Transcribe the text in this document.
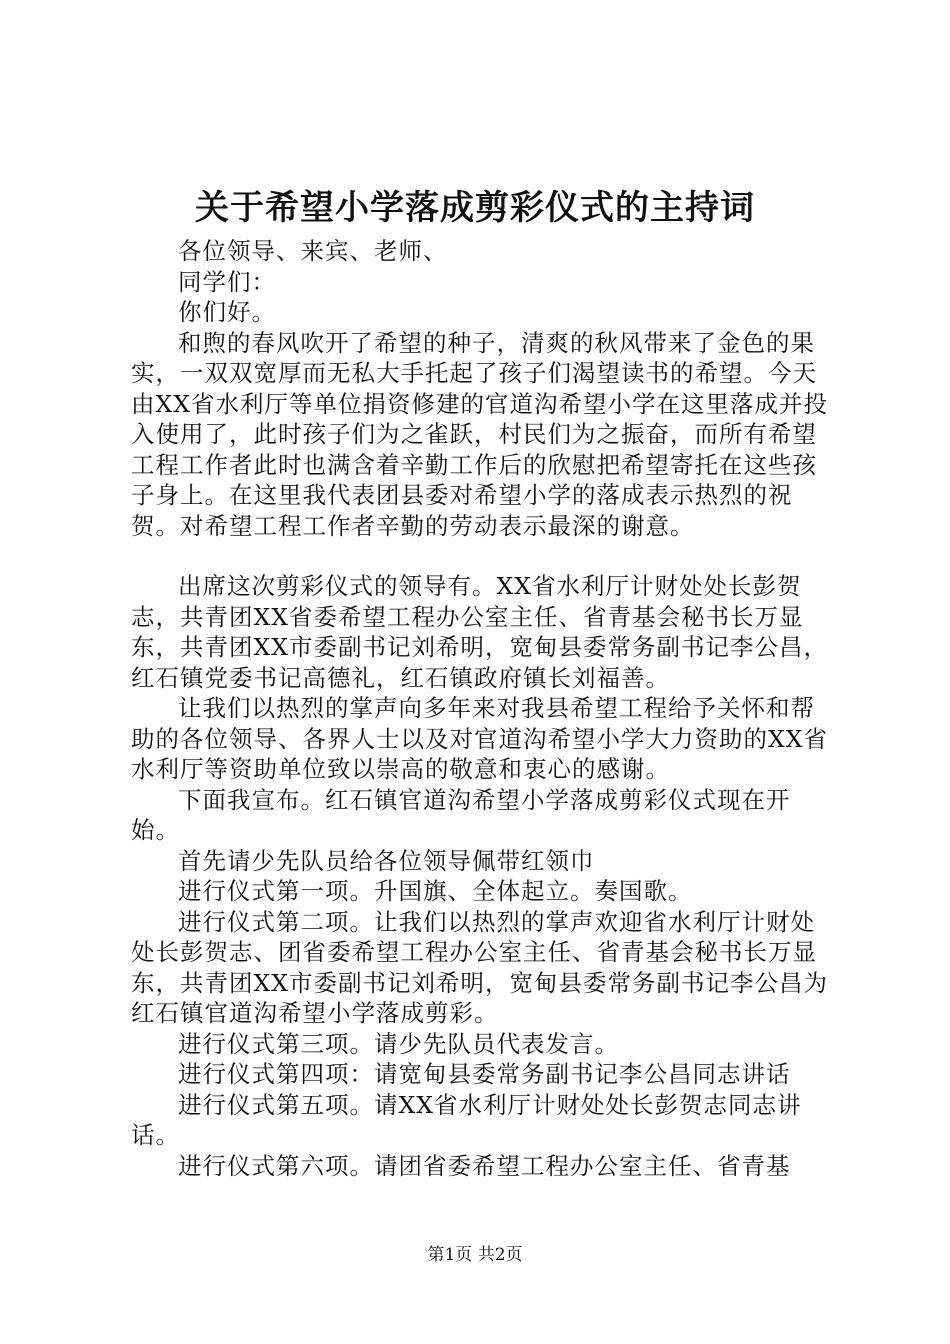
关于希望小学落成剪彩仪式的主持词

各位领导、来宾、老师、

同学们：

你们好。

和煦的春风吹开了希望的种子，清爽的秋风带来了金色的果实，一双双宽厚而无私大手托起了孩子们渴望读书的希望。今天由XX省水利厅等单位捐资修建的官道沟希望小学在这里落成并投入使用了，此时孩子们为之雀跃，村民们为之振奋，而所有希望工程工作者此时也满含着辛勤工作后的欣慰把希望寄托在这些孩子身上。在这里我代表团县委对希望小学的落成表示热烈的祝贺。对希望工程工作者辛勤的劳动表示最深的谢意。

出席这次剪彩仪式的领导有。XX省水利厅计财处处长彭贺志，共青团XX省委希望工程办公室主任、省青基会秘书长万显东，共青团XX市委副书记刘希明，宽甸县委常务副书记李公昌，红石镇党委书记高德礼，红石镇政府镇长刘福善。

让我们以热烈的掌声向多年来对我县希望工程给予关怀和帮助的各位领导、各界人士以及对官道沟希望小学大力资助的XX省水利厅等资助单位致以崇高的敬意和衷心的感谢。

下面我宣布。红石镇官道沟希望小学落成剪彩仪式现在开始。

首先请少先队员给各位领导佩带红领巾

进行仪式第一项。升国旗、全体起立。奏国歌。

进行仪式第二项。让我们以热烈的掌声欢迎省水利厅计财处处长彭贺志、团省委希望工程办公室主任、省青基会秘书长万显东，共青团XX市委副书记刘希明，宽甸县委常务副书记李公昌为红石镇官道沟希望小学落成剪彩。

进行仪式第三项。请少先队员代表发言。

进行仪式第四项：请宽甸县委常务副书记李公昌同志讲话

进行仪式第五项。请XX省水利厅计财处处长彭贺志同志讲话。

进行仪式第六项。请团省委希望工程办公室主任、省青基

第1页 共2页
